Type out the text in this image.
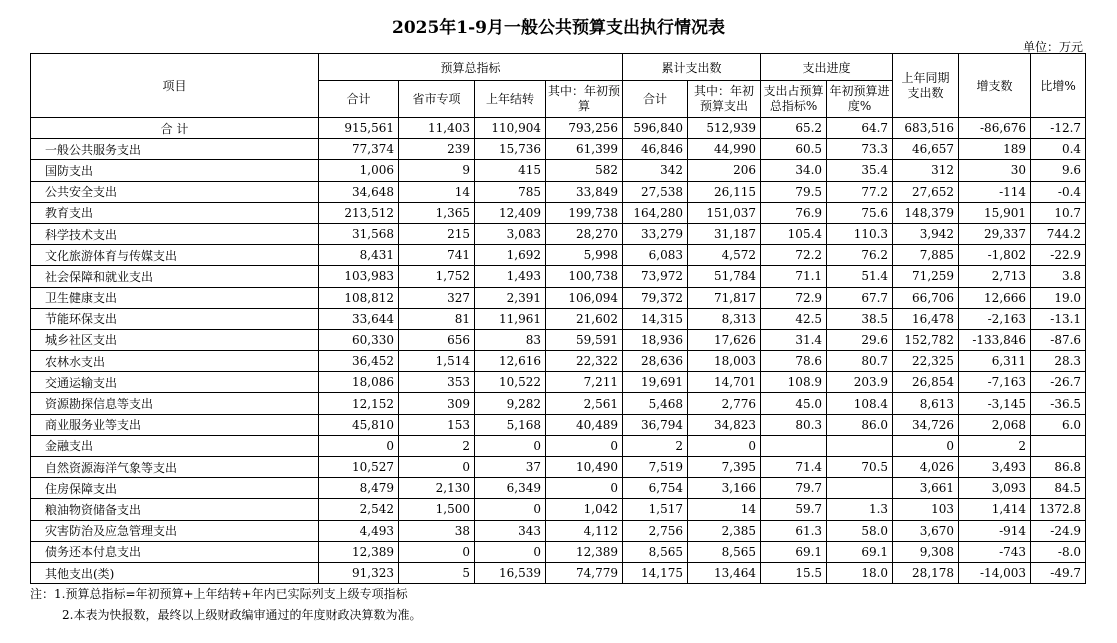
2025年1-9月一般公共预算支出执行情况表
单位：万元
项目	预算总指标				累计支出数		支出进度		上年同期支出数	增支数	比增%
	合计	省市专项	上年结转	其中：年初预算	合计	其中：年初预算支出	支出占预算总指标%	年初预算进度%			
合 计	915,561	11,403	110,904	793,256	596,840	512,939	65.2	64.7	683,516	-86,676	-12.7
一般公共服务支出	77,374	239	15,736	61,399	46,846	44,990	60.5	73.3	46,657	189	0.4
国防支出	1,006	9	415	582	342	206	34.0	35.4	312	30	9.6
公共安全支出	34,648	14	785	33,849	27,538	26,115	79.5	77.2	27,652	-114	-0.4
教育支出	213,512	1,365	12,409	199,738	164,280	151,037	76.9	75.6	148,379	15,901	10.7
科学技术支出	31,568	215	3,083	28,270	33,279	31,187	105.4	110.3	3,942	29,337	744.2
文化旅游体育与传媒支出	8,431	741	1,692	5,998	6,083	4,572	72.2	76.2	7,885	-1,802	-22.9
社会保障和就业支出	103,983	1,752	1,493	100,738	73,972	51,784	71.1	51.4	71,259	2,713	3.8
卫生健康支出	108,812	327	2,391	106,094	79,372	71,817	72.9	67.7	66,706	12,666	19.0
节能环保支出	33,644	81	11,961	21,602	14,315	8,313	42.5	38.5	16,478	-2,163	-13.1
城乡社区支出	60,330	656	83	59,591	18,936	17,626	31.4	29.6	152,782	-133,846	-87.6
农林水支出	36,452	1,514	12,616	22,322	28,636	18,003	78.6	80.7	22,325	6,311	28.3
交通运输支出	18,086	353	10,522	7,211	19,691	14,701	108.9	203.9	26,854	-7,163	-26.7
资源勘探信息等支出	12,152	309	9,282	2,561	5,468	2,776	45.0	108.4	8,613	-3,145	-36.5
商业服务业等支出	45,810	153	5,168	40,489	36,794	34,823	80.3	86.0	34,726	2,068	6.0
金融支出	0	2	0	0	2	0			0	2	
自然资源海洋气象等支出	10,527	0	37	10,490	7,519	7,395	71.4	70.5	4,026	3,493	86.8
住房保障支出	8,479	2,130	6,349	0	6,754	3,166	79.7		3,661	3,093	84.5
粮油物资储备支出	2,542	1,500	0	1,042	1,517	14	59.7	1.3	103	1,414	1372.8
灾害防治及应急管理支出	4,493	38	343	4,112	2,756	2,385	61.3	58.0	3,670	-914	-24.9
债务还本付息支出	12,389	0	0	12,389	8,565	8,565	69.1	69.1	9,308	-743	-8.0
其他支出(类)	91,323	5	16,539	74,779	14,175	13,464	15.5	18.0	28,178	-14,003	-49.7
注：1.预算总指标=年初预算+上年结转+年内已实际列支上级专项指标
2.本表为快报数，最终以上级财政编审通过的年度财政决算数为准。
